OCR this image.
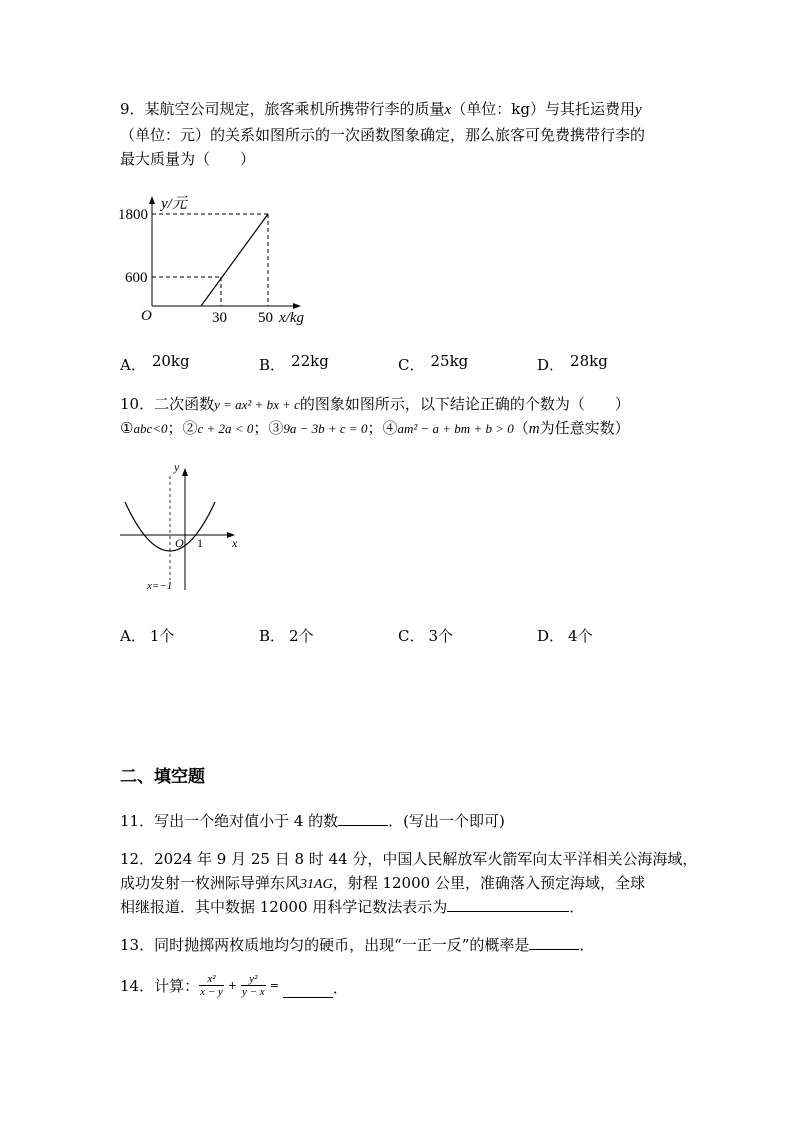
9．某航空公司规定，旅客乘机所携带行李的质量x（单位：kg）与其托运费用y
（单位：元）的关系如图所示的一次函数图象确定，那么旅客可免费携带行李的
最大质量为（　　）
y/元
1800
600
O	30 50 x/kg
A． 20kg	B． 22kg	C． 25kg	D． 28kg
10．二次函数y = ax² + bx + c的图象如图所示，以下结论正确的个数为（　　）
①abc<0；②c + 2a < 0；③9a − 3b + c = 0；④am² − a + bm + b > 0（m为任意实数）
y
x
O 1
x=−1
A． 1个	B． 2个	C． 3个	D． 4个
二、填空题
11．写出一个绝对值小于 4 的数	．(写出一个即可)
12．2024 年 9 月 25 日 8 时 44 分，中国人民解放军火箭军向太平洋相关公海海域，
成功发射一枚洲际导弹东风31AG，射程 12000 公里，准确落入预定海域，全球
相继报道．其中数据 12000 用科学记数法表示为	．
13．同时抛掷两枚质地均匀的硬币，出现“一正一反”的概率是	．
14．计算： $\frac{\text{x²}}{x - y} + \frac{\text{y²}}{y - x}$ =	．
